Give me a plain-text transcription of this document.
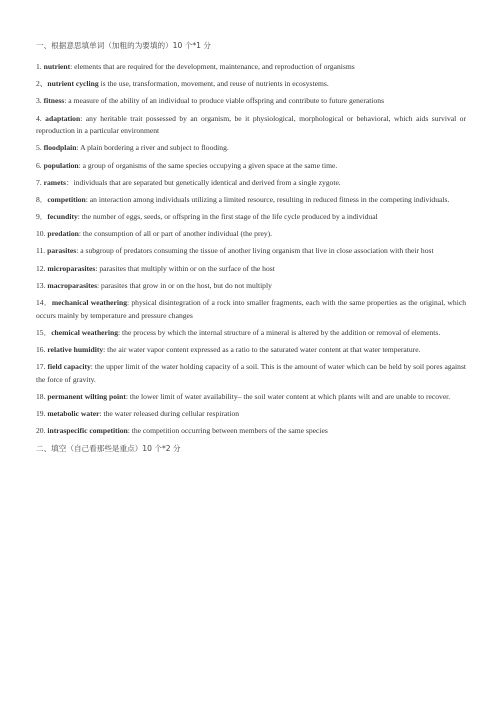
一、根据意思填单词（加粗的为要填的）10 个*1 分

1. nutrient: elements that are required for the development, maintenance, and reproduction of organisms

2、nutrient cycling is the use, transformation, movement, and reuse of nutrients in ecosystems.

3. fitness: a measure of the ability of an individual to produce viable offspring and contribute to future generations

4. adaptation: any heritable trait possessed by an organism, be it physiological, morphological or behavioral, which aids survival or reproduction in a particular environment

5. floodplain: A plain bordering a river and subject to flooding.

6. population: a group of organisms of the same species occupying a given space at the same time.

7. ramets：individuals that are separated but genetically identical and derived from a single zygote.

8．competition: an interaction among individuals utilizing a limited resource, resulting in reduced fitness in the competing individuals.

9．fecundity: the number of eggs, seeds, or offspring in the first stage of the life cycle produced by a individual

10. predation: the consumption of all or part of another individual (the prey).

11. parasites: a subgroup of predators consuming the tissue of another living organism that live in close association with their host

12. microparasites: parasites that multiply within or on the surface of the host

13. macroparasites: parasites that grow in or on the host, but do not multiply

14．mechanical weathering: physical disintegration of a rock into smaller fragments, each with the same properties as the original, which occurs mainly by temperature and pressure changes

15．chemical weathering: the process by which the internal structure of a mineral is altered by the addition or removal of elements.

16. relative humidity: the air water vapor content expressed as a ratio to the saturated water content at that water temperature.

17. field capacity: the upper limit of the water holding capacity of a soil. This is the amount of water which can be held by soil pores against the force of gravity.

18. permanent wilting point: the lower limit of water availability– the soil water content at which plants wilt and are unable to recover.

19. metabolic water: the water released during cellular respiration

20. intraspecific competition: the competition occurring between members of the same species

二、填空（自己看那些是重点）10 个*2 分
